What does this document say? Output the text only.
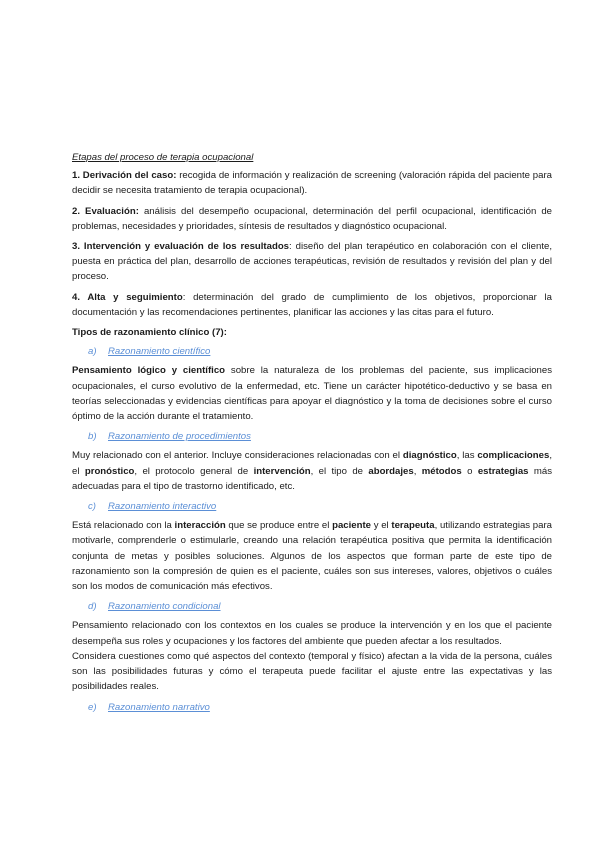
Etapas del proceso de terapia ocupacional

1. Derivación del caso: recogida de información y realización de screening (valoración rápida del paciente para decidir se necesita tratamiento de terapia ocupacional).

2. Evaluación: análisis del desempeño ocupacional, determinación del perfil ocupacional, identificación de problemas, necesidades y prioridades, síntesis de resultados y diagnóstico ocupacional.

3. Intervención y evaluación de los resultados: diseño del plan terapéutico en colaboración con el cliente, puesta en práctica del plan, desarrollo de acciones terapéuticas, revisión de resultados y revisión del plan y del proceso.

4. Alta y seguimiento: determinación del grado de cumplimiento de los objetivos, proporcionar la documentación y las recomendaciones pertinentes, planificar las acciones y las citas para el futuro.

Tipos de razonamiento clínico (7):

a) Razonamiento científico

Pensamiento lógico y científico sobre la naturaleza de los problemas del paciente, sus implicaciones ocupacionales, el curso evolutivo de la enfermedad, etc. Tiene un carácter hipotético-deductivo y se basa en teorías seleccionadas y evidencias científicas para apoyar el diagnóstico y la toma de decisiones sobre el curso óptimo de la acción durante el tratamiento.

b) Razonamiento de procedimientos

Muy relacionado con el anterior. Incluye consideraciones relacionadas con el diagnóstico, las complicaciones, el pronóstico, el protocolo general de intervención, el tipo de abordajes, métodos o estrategias más adecuadas para el tipo de trastorno identificado, etc.

c) Razonamiento interactivo

Está relacionado con la interacción que se produce entre el paciente y el terapeuta, utilizando estrategias para motivarle, comprenderle o estimularle, creando una relación terapéutica positiva que permita la identificación conjunta de metas y posibles soluciones. Algunos de los aspectos que forman parte de este tipo de razonamiento son la compresión de quien es el paciente, cuáles son sus intereses, valores, objetivos o cuáles son los modos de comunicación más efectivos.

d) Razonamiento condicional

Pensamiento relacionado con los contextos en los cuales se produce la intervención y en los que el paciente desempeña sus roles y ocupaciones y los factores del ambiente que pueden afectar a los resultados.

Considera cuestiones como qué aspectos del contexto (temporal y físico) afectan a la vida de la persona, cuáles son las posibilidades futuras y cómo el terapeuta puede facilitar el ajuste entre las expectativas y las posibilidades reales.

e) Razonamiento narrativo
